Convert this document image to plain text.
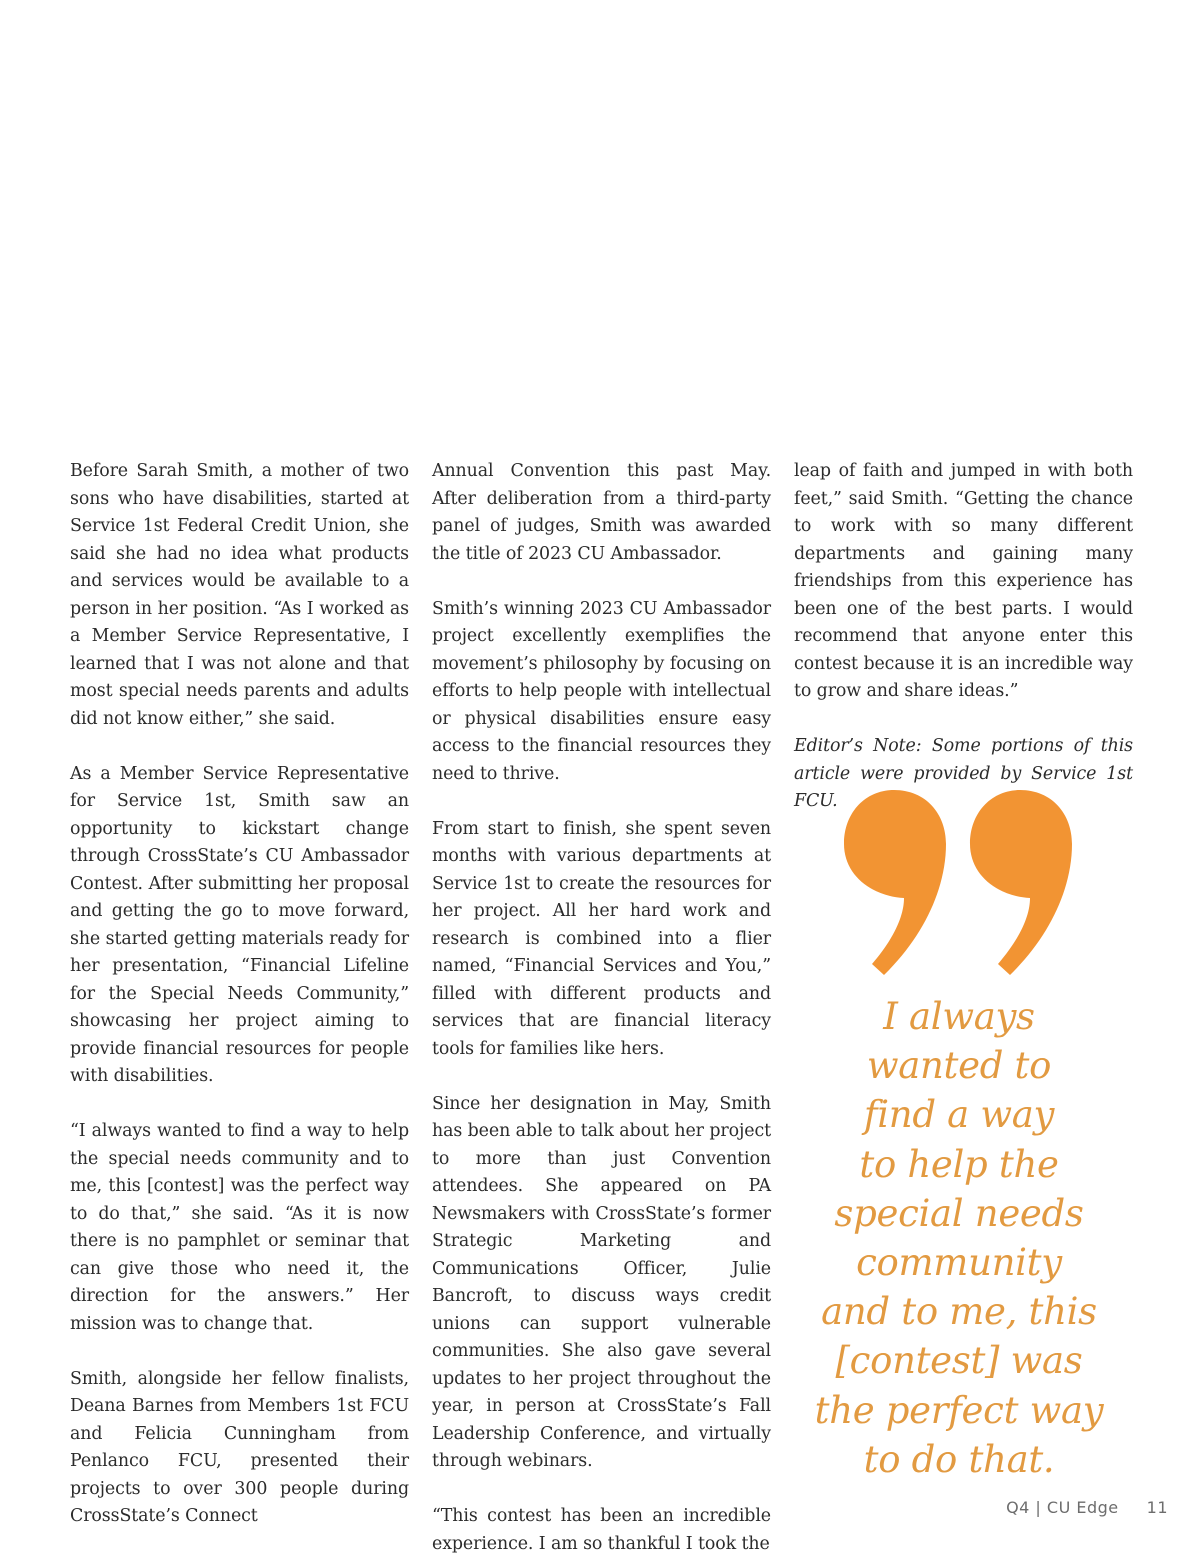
Before Sarah Smith, a mother of two sons who have disabilities, started at Service 1st Federal Credit Union, she said she had no idea what products and services would be available to a person in her position. “As I worked as a Member Service Representative, I learned that I was not alone and that most special needs parents and adults did not know either,” she said.

As a Member Service Representative for Service 1st, Smith saw an opportunity to kickstart change through CrossState’s CU Ambassador Contest. After submitting her proposal and getting the go to move forward, she started getting materials ready for her presentation, “Financial Lifeline for the Special Needs Community,” showcasing her project aiming to provide financial resources for people with disabilities.

“I always wanted to find a way to help the special needs community and to me, this [contest] was the perfect way to do that,” she said. “As it is now there is no pamphlet or seminar that can give those who need it, the direction for the answers.” Her mission was to change that.

Smith, alongside her fellow finalists, Deana Barnes from Members 1st FCU and Felicia Cunningham from Penlanco FCU, presented their projects to over 300 people during CrossState’s Connect

Annual Convention this past May. After deliberation from a third-party panel of judges, Smith was awarded the title of 2023 CU Ambassador.

Smith’s winning 2023 CU Ambassador project excellently exemplifies the movement’s philosophy by focusing on efforts to help people with intellectual or physical disabilities ensure easy access to the financial resources they need to thrive.

From start to finish, she spent seven months with various departments at Service 1st to create the resources for her project. All her hard work and research is combined into a flier named, “Financial Services and You,” filled with different products and services that are financial literacy tools for families like hers.

Since her designation in May, Smith has been able to talk about her project to more than just Convention attendees. She appeared on PA Newsmakers with CrossState’s former Strategic Marketing and Communications Officer, Julie Bancroft, to discuss ways credit unions can support vulnerable communities. She also gave several updates to her project throughout the year, in person at CrossState’s Fall Leadership Conference, and virtually through webinars.

“This contest has been an incredible experience. I am so thankful I took the

leap of faith and jumped in with both feet,” said Smith. “Getting the chance to work with so many different departments and gaining many friendships from this experience has been one of the best parts. I would recommend that anyone enter this contest because it is an incredible way to grow and share ideas.”

Editor’s Note: Some portions of this article were provided by Service 1st FCU.

I always
wanted to
find a way
to help the
special needs
community
and to me, this
[contest] was
the perfect way
to do that.
Q4 | CU Edge 11
